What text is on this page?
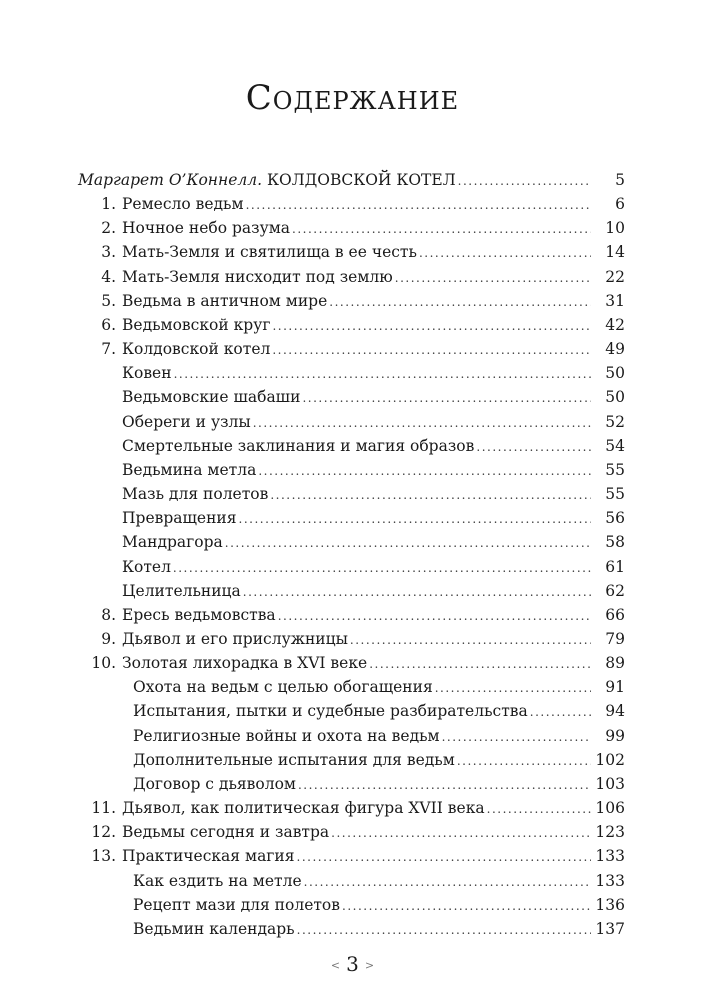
Содержание
Маргарет О’Коннелл. КОЛДОВСКОЙ КОТЕЛ .....	5
1. Ремесло ведьм .....	6
2. Ночное небо разума .....	10
3. Мать-Земля и святилища в ее честь .....	14
4. Мать-Земля нисходит под землю .....	22
5. Ведьма в античном мире .....	31
6. Ведьмовской круг .....	42
7. Колдовской котел .....	49
Ковен .....	50
Ведьмовские шабаши .....	50
Обереги и узлы .....	52
Смертельные заклинания и магия образов .....	54
Ведьмина метла .....	55
Мазь для полетов .....	55
Превращения .....	56
Мандрагора .....	58
Котел .....	61
Целительница .....	62
8. Ересь ведьмовства .....	66
9. Дьявол и его прислужницы .....	79
10. Золотая лихорадка в XVI веке .....	89
Охота на ведьм с целью обогащения .....	91
Испытания, пытки и судебные разбирательства .....	94
Религиозные войны и охота на ведьм .....	99
Дополнительные испытания для ведьм .....	102
Договор с дьяволом .....	103
11. Дьявол, как политическая фигура XVII века .....	106
12. Ведьмы сегодня и завтра .....	123
13. Практическая магия .....	133
Как ездить на метле .....	133
Рецепт мази для полетов .....	136
Ведьмин календарь .....	137
< 3 >
